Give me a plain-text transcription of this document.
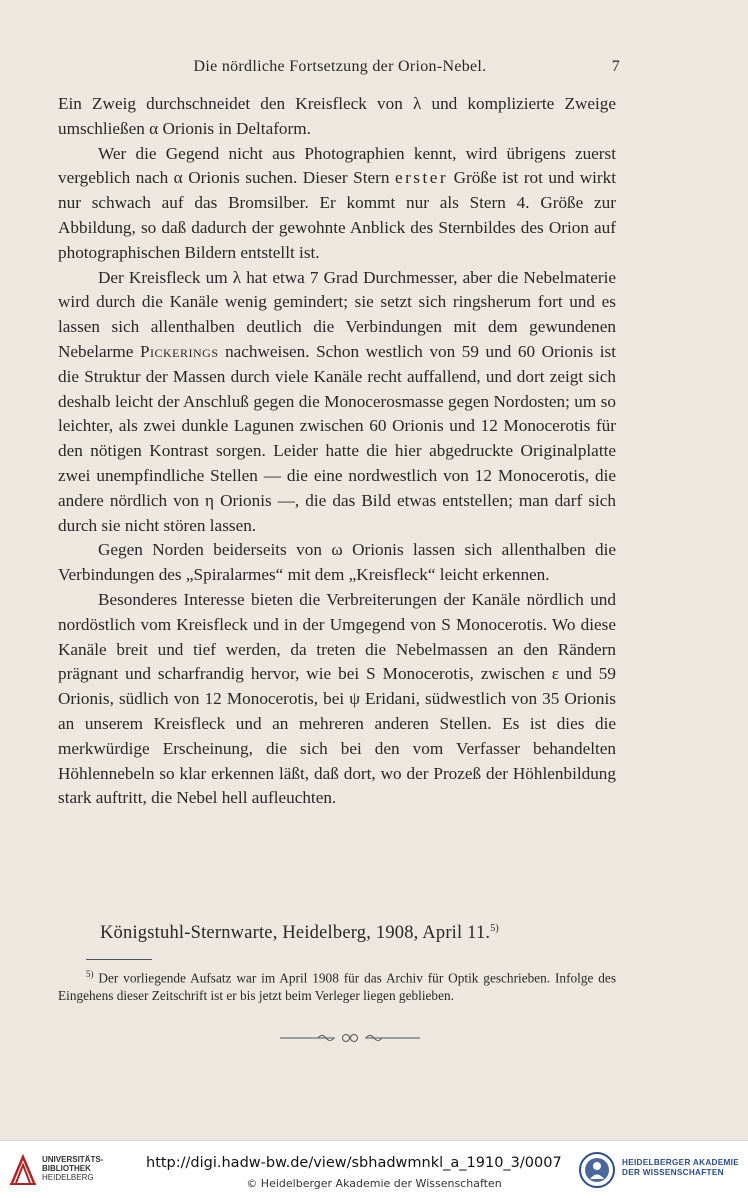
Die nördliche Fortsetzung der Orion-Nebel.	7

Ein Zweig durchschneidet den Kreisfleck von λ und komplizierte Zweige umschließen α Orionis in Deltaform.

Wer die Gegend nicht aus Photographien kennt, wird übrigens zuerst vergeblich nach α Orionis suchen. Dieser Stern erster Größe ist rot und wirkt nur schwach auf das Bromsilber. Er kommt nur als Stern 4. Größe zur Abbildung, so daß dadurch der gewohnte Anblick des Sternbildes des Orion auf photographischen Bildern entstellt ist.

Der Kreisfleck um λ hat etwa 7 Grad Durchmesser, aber die Nebelmaterie wird durch die Kanäle wenig gemindert; sie setzt sich ringsherum fort und es lassen sich allenthalben deutlich die Verbindungen mit dem gewundenen Nebelarme Pickerings nachweisen. Schon westlich von 59 und 60 Orionis ist die Struktur der Massen durch viele Kanäle recht auffallend, und dort zeigt sich deshalb leicht der Anschluß gegen die Monocerosmasse gegen Nordosten; um so leichter, als zwei dunkle Lagunen zwischen 60 Orionis und 12 Monocerotis für den nötigen Kontrast sorgen. Leider hatte die hier abgedruckte Originalplatte zwei unempfindliche Stellen — die eine nordwestlich von 12 Monocerotis, die andere nördlich von η Orionis —, die das Bild etwas entstellen; man darf sich durch sie nicht stören lassen.

Gegen Norden beiderseits von ω Orionis lassen sich allenthalben die Verbindungen des „Spiralarmes“ mit dem „Kreisfleck“ leicht erkennen.

Besonderes Interesse bieten die Verbreiterungen der Kanäle nördlich und nordöstlich vom Kreisfleck und in der Umgegend von S Monocerotis. Wo diese Kanäle breit und tief werden, da treten die Nebelmassen an den Rändern prägnant und scharfrandig hervor, wie bei S Monocerotis, zwischen ε und 59 Orionis, südlich von 12 Monocerotis, bei ψ Eridani, südwestlich von 35 Orionis an unserem Kreisfleck und an mehreren anderen Stellen. Es ist dies die merkwürdige Erscheinung, die sich bei den vom Verfasser behandelten Höhlennebeln so klar erkennen läßt, daß dort, wo der Prozeß der Höhlenbildung stark auftritt, die Nebel hell aufleuchten.

Königstuhl-Sternwarte, Heidelberg, 1908, April 11.$^{5)}$
$^{5)}$ Der vorliegende Aufsatz war im April 1908 für das Archiv für Optik geschrieben. Infolge des Eingehens dieser Zeitschrift ist er bis jetzt beim Verleger liegen geblieben.
UNIVERSITÄTS-
BIBLIOTHEK
HEIDELBERG
http://digi.hadw-bw.de/view/sbhadwmnkl_a_1910_3/0007
© Heidelberger Akademie der Wissenschaften
HEIDELBERGER AKADEMIE
DER WISSENSCHAFTEN
